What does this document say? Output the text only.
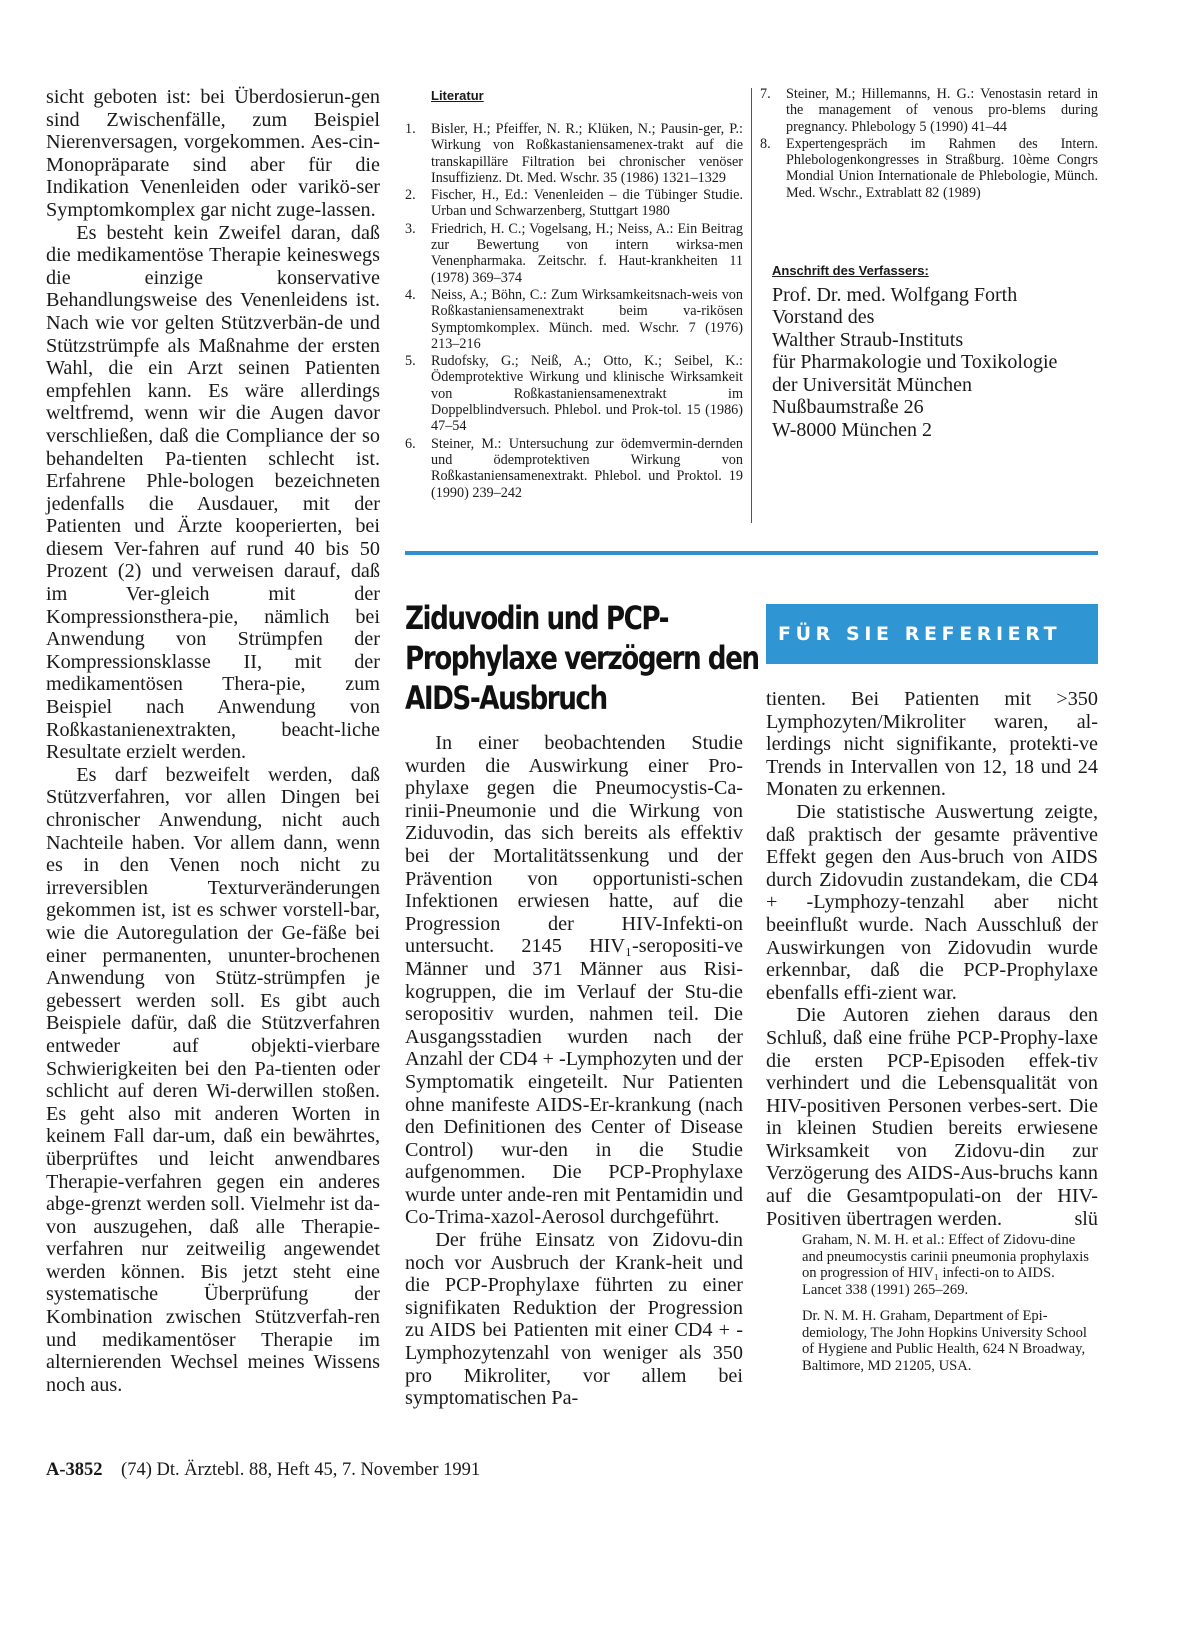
sicht geboten ist: bei Überdosierun-gen sind Zwischenfälle, zum Beispiel Nierenversagen, vorgekommen. Aes-cin-Monopräparate sind aber für die Indikation Venenleiden oder varikö-ser Symptomkomplex gar nicht zuge-lassen.

Es besteht kein Zweifel daran, daß die medikamentöse Therapie keineswegs die einzige konservative Behandlungsweise des Venenleidens ist. Nach wie vor gelten Stützverbän-de und Stützstrümpfe als Maßnahme der ersten Wahl, die ein Arzt seinen Patienten empfehlen kann. Es wäre allerdings weltfremd, wenn wir die Augen davor verschließen, daß die Compliance der so behandelten Pa-tienten schlecht ist. Erfahrene Phle-bologen bezeichneten jedenfalls die Ausdauer, mit der Patienten und Ärzte kooperierten, bei diesem Ver-fahren auf rund 40 bis 50 Prozent (2) und verweisen darauf, daß im Ver-gleich mit der Kompressionsthera-pie, nämlich bei Anwendung von Strümpfen der Kompressionsklasse II, mit der medikamentösen Thera-pie, zum Beispiel nach Anwendung von Roßkastanienextrakten, beacht-liche Resultate erzielt werden.

Es darf bezweifelt werden, daß Stützverfahren, vor allen Dingen bei chronischer Anwendung, nicht auch Nachteile haben. Vor allem dann, wenn es in den Venen noch nicht zu irreversiblen Texturveränderungen gekommen ist, ist es schwer vorstell-bar, wie die Autoregulation der Ge-fäße bei einer permanenten, ununter-brochenen Anwendung von Stütz-strümpfen je gebessert werden soll. Es gibt auch Beispiele dafür, daß die Stützverfahren entweder auf objekti-vierbare Schwierigkeiten bei den Pa-tienten oder schlicht auf deren Wi-derwillen stoßen. Es geht also mit anderen Worten in keinem Fall dar-um, daß ein bewährtes, überprüftes und leicht anwendbares Therapie-verfahren gegen ein anderes abge-grenzt werden soll. Vielmehr ist da-von auszugehen, daß alle Therapie-verfahren nur zeitweilig angewendet werden können. Bis jetzt steht eine systematische Überprüfung der Kombination zwischen Stützverfah-ren und medikamentöser Therapie im alternierenden Wechsel meines Wissens noch aus.

Literatur
1.	Bisler, H.; Pfeiffer, N. R.; Klüken, N.; Pausin-ger, P.: Wirkung von Roßkastaniensamenex-trakt auf die transkapilläre Filtration bei chronischer venöser Insuffizienz. Dt. Med. Wschr. 35 (1986) 1321–1329
2.	Fischer, H., Ed.: Venenleiden – die Tübinger Studie. Urban und Schwarzenberg, Stuttgart 1980
3.	Friedrich, H. C.; Vogelsang, H.; Neiss, A.: Ein Beitrag zur Bewertung von intern wirksa-men Venenpharmaka. Zeitschr. f. Haut-krankheiten 11 (1978) 369–374
4.	Neiss, A.; Böhn, C.: Zum Wirksamkeitsnach-weis von Roßkastaniensamenextrakt beim va-rikösen Symptomkomplex. Münch. med. Wschr. 7 (1976) 213–216
5.	Rudofsky, G.; Neiß, A.; Otto, K.; Seibel, K.: Ödemprotektive Wirkung und klinische Wirksamkeit von Roßkastaniensamenextrakt im Doppelblindversuch. Phlebol. und Prok-tol. 15 (1986) 47–54
6.	Steiner, M.: Untersuchung zur ödemvermin-dernden und ödemprotektiven Wirkung von Roßkastaniensamenextrakt. Phlebol. und Proktol. 19 (1990) 239–242
7.	Steiner, M.; Hillemanns, H. G.: Venostasin retard in the management of venous pro-blems during pregnancy. Phlebology 5 (1990) 41–44
8.	Expertengespräch im Rahmen des Intern. Phlebologenkongresses in Straßburg. 10ème Congrs Mondial Union Internationale de Phlebologie, Münch. Med. Wschr., Extrablatt 82 (1989)
Anschrift des Verfassers:
Prof. Dr. med. Wolfgang Forth
Vorstand des
Walther Straub-Instituts
für Pharmakologie und Toxikologie
der Universität München
Nußbaumstraße 26
W-8000 München 2
Ziduvodin und PCP-
Prophylaxe verzögern den
AIDS-Ausbruch
FÜR SIE REFERIERT

In einer beobachtenden Studie wurden die Auswirkung einer Pro-phylaxe gegen die Pneumocystis-Ca-rinii-Pneumonie und die Wirkung von Ziduvodin, das sich bereits als effektiv bei der Mortalitätssenkung und der Prävention von opportunisti-schen Infektionen erwiesen hatte, auf die Progression der HIV-Infekti-on untersucht. 2145 HIV₁-seropositi-ve Männer und 371 Männer aus Risi-kogruppen, die im Verlauf der Stu-die seropositiv wurden, nahmen teil. Die Ausgangsstadien wurden nach der Anzahl der CD4 + -Lymphozyten und der Symptomatik eingeteilt. Nur Patienten ohne manifeste AIDS-Er-krankung (nach den Definitionen des Center of Disease Control) wur-den in die Studie aufgenommen. Die PCP-Prophylaxe wurde unter ande-ren mit Pentamidin und Co-Trima-xazol-Aerosol durchgeführt.

Der frühe Einsatz von Zidovu-din noch vor Ausbruch der Krank-heit und die PCP-Prophylaxe führten zu einer signifikaten Reduktion der Progression zu AIDS bei Patienten mit einer CD4 + -Lymphozytenzahl von weniger als 350 pro Mikroliter, vor allem bei symptomatischen Pa-

tienten. Bei Patienten mit >350 Lymphozyten/Mikroliter waren, al-lerdings nicht signifikante, protekti-ve Trends in Intervallen von 12, 18 und 24 Monaten zu erkennen.

Die statistische Auswertung zeigte, daß praktisch der gesamte präventive Effekt gegen den Aus-bruch von AIDS durch Zidovudin zustandekam, die CD4 + -Lymphozy-tenzahl aber nicht beeinflußt wurde. Nach Ausschluß der Auswirkungen von Zidovudin wurde erkennbar, daß die PCP-Prophylaxe ebenfalls effi-zient war.

Die Autoren ziehen daraus den Schluß, daß eine frühe PCP-Prophy-laxe die ersten PCP-Episoden effek-tiv verhindert und die Lebensqualität von HIV-positiven Personen verbes-sert. Die in kleinen Studien bereits erwiesene Wirksamkeit von Zidovu-din zur Verzögerung des AIDS-Aus-bruchs kann auf die Gesamtpopulati-on der HIV-Positiven übertragen werden.	slü

Graham, N. M. H. et al.: Effect of Zidovu-dine and pneumocystis carinii pneumonia prophylaxis on progression of HIV₁ infecti-on to AIDS. Lancet 338 (1991) 265–269.
Dr. N. M. H. Graham, Department of Epi-demiology, The John Hopkins University School of Hygiene and Public Health, 624 N Broadway, Baltimore, MD 21205, USA.
A-3852 (74) Dt. Ärztebl. 88, Heft 45, 7. November 1991
